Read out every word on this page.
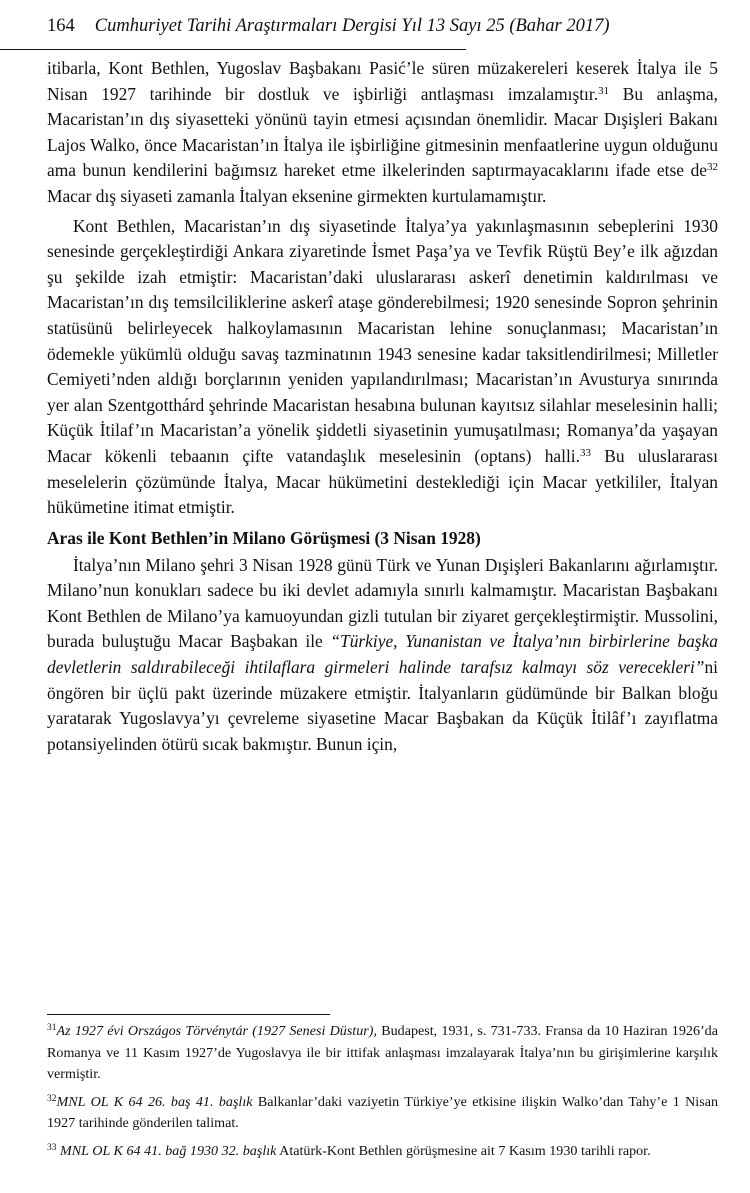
164 Cumhuriyet Tarihi Araştırmaları Dergisi Yıl 13 Sayı 25 (Bahar 2017)

itibarla, Kont Bethlen, Yugoslav Başbakanı Pasić’le süren müzakereleri keserek İtalya ile 5 Nisan 1927 tarihinde bir dostluk ve işbirliği antlaşması imzalamıştır.$^{31}$ Bu anlaşma, Macaristan’ın dış siyasetteki yönünü tayin etmesi açısından önemlidir. Macar Dışişleri Bakanı Lajos Walko, önce Macaristan’ın İtalya ile işbirliğine gitmesinin menfaatlerine uygun olduğunu ama bunun kendilerini bağımsız hareket etme ilkelerinden saptırmayacaklarını ifade etse $de^{32}$ Macar dış siyaseti zamanla İtalyan eksenine girmekten kurtulamamıştır.

Kont Bethlen, Macaristan’ın dış siyasetinde İtalya’ya yakınlaşmasının sebeplerini 1930 senesinde gerçekleştirdiği Ankara ziyaretinde İsmet Paşa’ya ve Tevfik Rüştü Bey’e ilk ağızdan şu şekilde izah etmiştir: Macaristan’daki uluslararası askerî denetimin kaldırılması ve Macaristan’ın dış temsilciliklerine askerî ataşe gönderebilmesi; 1920 senesinde Sopron şehrinin statüsünü belirleyecek halkoylamasının Macaristan lehine sonuçlanması; Macaristan’ın ödemekle yükümlü olduğu savaş tazminatının 1943 senesine kadar taksitlendirilmesi; Milletler Cemiyeti’nden aldığı borçlarının yeniden yapılandırılması; Macaristan’ın Avusturya sınırında yer alan Szentgotthárd şehrinde Macaristan hesabına bulunan kayıtsız silahlar meselesinin halli; Küçük İtilaf’ın Macaristan’a yönelik şiddetli siyasetinin yumuşatılması; Romanya’da yaşayan Macar kökenli tebaanın çifte vatandaşlık meselesinin (optans) halli.$^{33}$ Bu uluslararası meselelerin çözümünde İtalya, Macar hükümetini desteklediği için Macar yetkililer, İtalyan hükümetine itimat etmiştir.

Aras ile Kont Bethlen’in Milano Görüşmesi (3 Nisan 1928)

İtalya’nın Milano şehri 3 Nisan 1928 günü Türk ve Yunan Dışişleri Bakanlarını ağırlamıştır. Milano’nun konukları sadece bu iki devlet adamıyla sınırlı kalmamıştır. Macaristan Başbakanı Kont Bethlen de Milano’ya kamuoyundan gizli tutulan bir ziyaret gerçekleştirmiştir. Mussolini, burada buluştuğu Macar Başbakan ile “Türkiye, Yunanistan ve İtalya’nın birbirlerine başka devletlerin saldırabileceği ihtilaflara girmeleri halinde tarafsız kalmayı söz verecekleri”ni öngören bir üçlü pakt üzerinde müzakere etmiştir. İtalyanların güdümünde bir Balkan bloğu yaratarak Yugoslavya’yı çevreleme siyasetine Macar Başbakan da Küçük İtilâf’ı zayıflatma potansiyelinden ötürü sıcak bakmıştır. Bunun için,

$^{31}$Az 1927 évi Országos Törvénytár (1927 Senesi Düstur), Budapest, 1931, s. 731-733. Fransa da 10 Haziran 1926’da Romanya ve 11 Kasım 1927’de Yugoslavya ile bir ittifak anlaşması imzalayarak İtalya’nın bu girişimlerine karşılık vermiştir.

$^{32}$MNL OL K 64 26. baş 41. başlık Balkanlar’daki vaziyetin Türkiye’ye etkisine ilişkin Walko’dan Tahy’e 1 Nisan 1927 tarihinde gönderilen talimat.

$^{33}$ MNL OL K 64 41. bağ 1930 32. başlık Atatürk-Kont Bethlen görüşmesine ait 7 Kasım 1930 tarihli rapor.
